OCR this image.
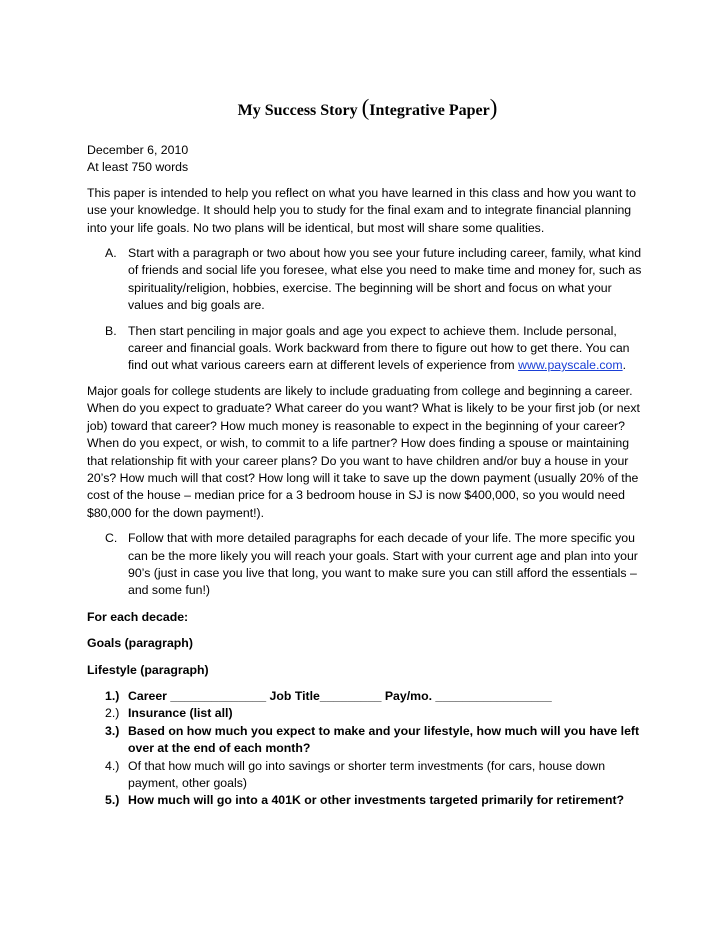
My Success Story (Integrative Paper)

December 6, 2010

At least 750 words

This paper is intended to help you reflect on what you have learned in this class and how you want to use your knowledge. It should help you to study for the final exam and to integrate financial planning into your life goals. No two plans will be identical, but most will share some qualities.

A. Start with a paragraph or two about how you see your future including career, family, what kind of friends and social life you foresee, what else you need to make time and money for, such as spirituality/religion, hobbies, exercise. The beginning will be short and focus on what your values and big goals are.
B. Then start penciling in major goals and age you expect to achieve them. Include personal, career and financial goals. Work backward from there to figure out how to get there. You can find out what various careers earn at different levels of experience from www.payscale.com.

Major goals for college students are likely to include graduating from college and beginning a career. When do you expect to graduate? What career do you want? What is likely to be your first job (or next job) toward that career? How much money is reasonable to expect in the beginning of your career? When do you expect, or wish, to commit to a life partner? How does finding a spouse or maintaining that relationship fit with your career plans? Do you want to have children and/or buy a house in your 20’s? How much will that cost? How long will it take to save up the down payment (usually 20% of the cost of the house – median price for a 3 bedroom house in SJ is now $400,000, so you would need $80,000 for the down payment!).

C. Follow that with more detailed paragraphs for each decade of your life. The more specific you can be the more likely you will reach your goals. Start with your current age and plan into your 90’s (just in case you live that long, you want to make sure you can still afford the essentials – and some fun!)

For each decade:

Goals (paragraph)

Lifestyle (paragraph)

1.) Career ______________ Job Title_________ Pay/mo. _________________
2.) Insurance (list all)
3.) Based on how much you expect to make and your lifestyle, how much will you have left over at the end of each month?
4.) Of that how much will go into savings or shorter term investments (for cars, house down payment, other goals)
5.) How much will go into a 401K or other investments targeted primarily for retirement?
